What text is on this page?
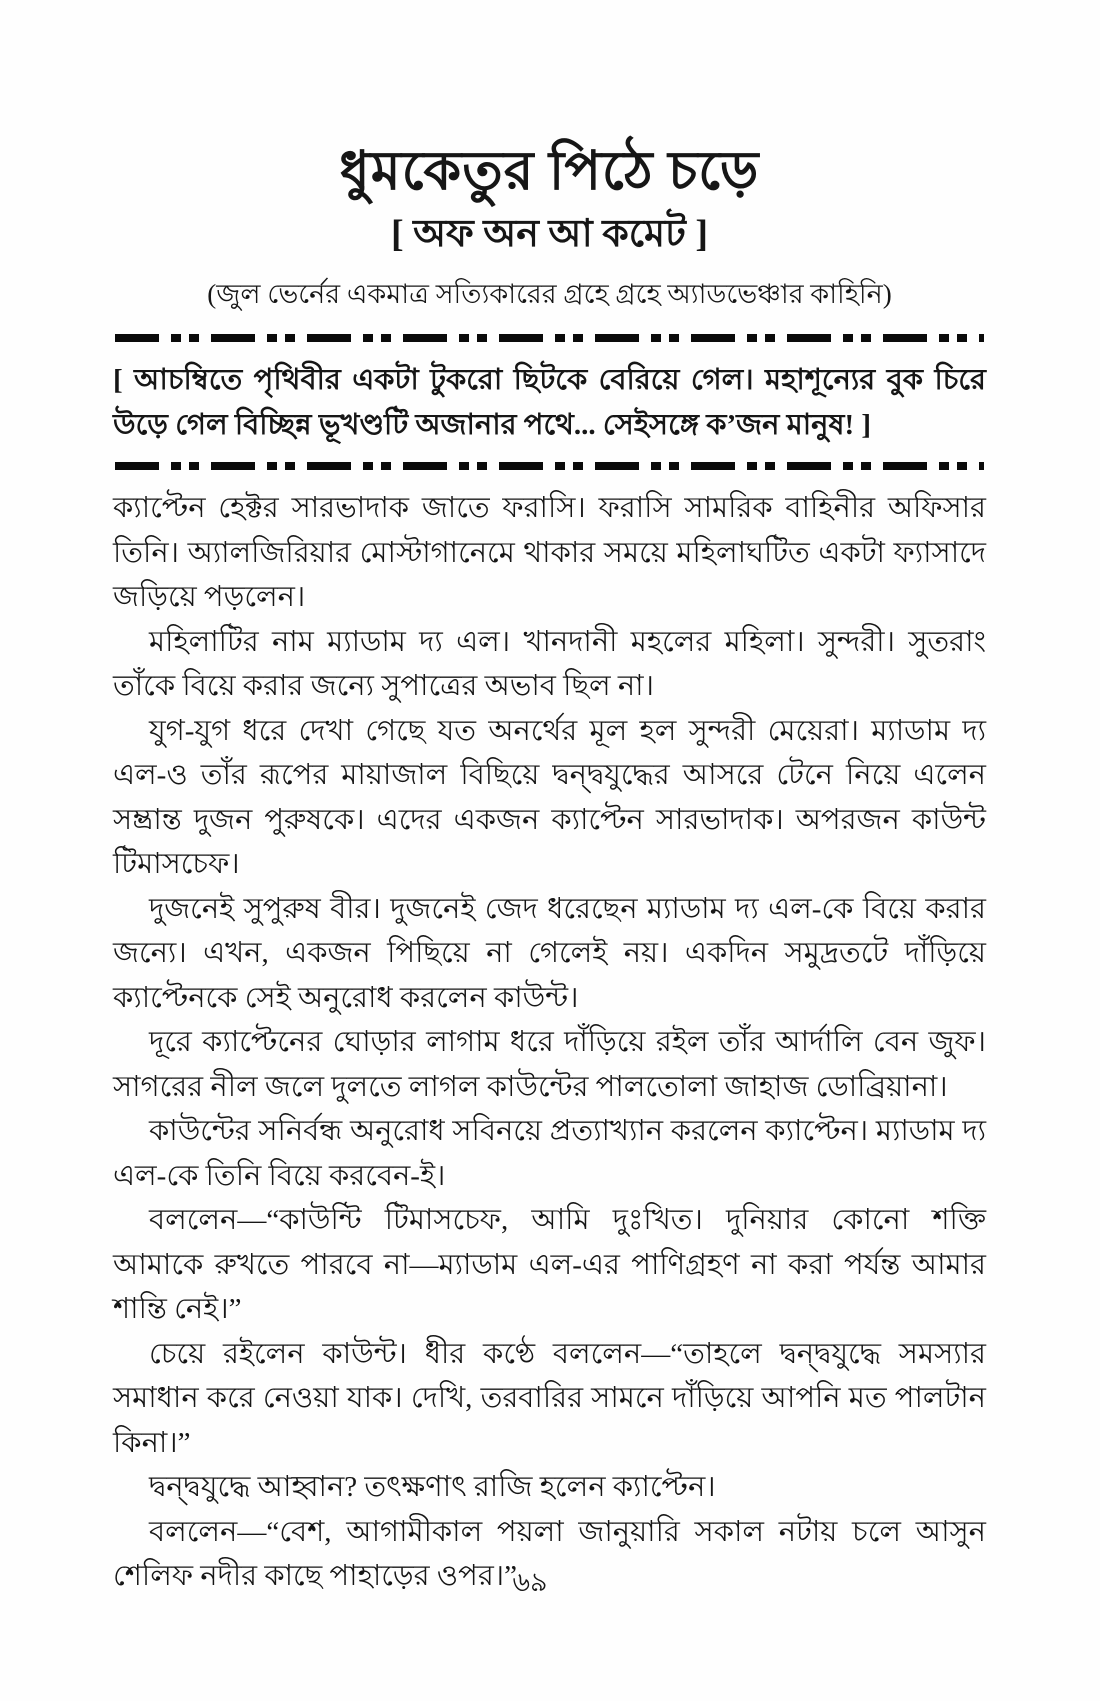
ধুমকেতুর পিঠে চড়ে
[ অফ অন আ কমেট ]
(জুল ভের্নের একমাত্র সত্যিকারের গ্রহে গ্রহে অ্যাডভেঞ্চার কাহিনি)
[ আচম্বিতে পৃথিবীর একটা টুকরো ছিটকে বেরিয়ে গেল। মহাশূন্যের বুক চিরে উড়ে গেল বিচ্ছিন্ন ভূখণ্ডটি অজানার পথে... সেইসঙ্গে ক’জন মানুষ! ]

ক্যাপ্টেন হেক্টর সারভাদাক জাতে ফরাসি। ফরাসি সামরিক বাহিনীর অফিসার তিনি। অ্যালজিরিয়ার মোস্টাগানেমে থাকার সময়ে মহিলাঘটিত একটা ফ্যাসাদে জড়িয়ে পড়লেন।

মহিলাটির নাম ম্যাডাম দ্য এল। খানদানী মহলের মহিলা। সুন্দরী। সুতরাং তাঁকে বিয়ে করার জন্যে সুপাত্রের অভাব ছিল না।

যুগ-যুগ ধরে দেখা গেছে যত অনর্থের মূল হল সুন্দরী মেয়েরা। ম্যাডাম দ্য এল-ও তাঁর রূপের মায়াজাল বিছিয়ে দ্বন্দ্বযুদ্ধের আসরে টেনে নিয়ে এলেন সম্ভ্রান্ত দুজন পুরুষকে। এদের একজন ক্যাপ্টেন সারভাদাক। অপরজন কাউন্ট টিমাসচেফ।

দুজনেই সুপুরুষ বীর। দুজনেই জেদ ধরেছেন ম্যাডাম দ্য এল-কে বিয়ে করার জন্যে। এখন, একজন পিছিয়ে না গেলেই নয়। একদিন সমুদ্রতটে দাঁড়িয়ে ক্যাপ্টেনকে সেই অনুরোধ করলেন কাউন্ট।

দূরে ক্যাপ্টেনের ঘোড়ার লাগাম ধরে দাঁড়িয়ে রইল তাঁর আর্দালি বেন জুফ। সাগরের নীল জলে দুলতে লাগল কাউন্টের পালতোলা জাহাজ ডোব্রিয়ানা।

কাউন্টের সনির্বন্ধ অনুরোধ সবিনয়ে প্রত্যাখ্যান করলেন ক্যাপ্টেন। ম্যাডাম দ্য এল-কে তিনি বিয়ে করবেন-ই।

বললেন—“কাউন্টি টিমাসচেফ, আমি দুঃখিত। দুনিয়ার কোনো শক্তি আমাকে রুখতে পারবে না—ম্যাডাম এল-এর পাণিগ্রহণ না করা পর্যন্ত আমার শান্তি নেই।”

চেয়ে রইলেন কাউন্ট। ধীর কণ্ঠে বললেন—“তাহলে দ্বন্দ্বযুদ্ধে সমস্যার সমাধান করে নেওয়া যাক। দেখি, তরবারির সামনে দাঁড়িয়ে আপনি মত পালটান কিনা।”

দ্বন্দ্বযুদ্ধে আহ্বান? তৎক্ষণাৎ রাজি হলেন ক্যাপ্টেন।

বললেন—“বেশ, আগামীকাল পয়লা জানুয়ারি সকাল নটায় চলে আসুন শেলিফ নদীর কাছে পাহাড়ের ওপর।”

৬৯
